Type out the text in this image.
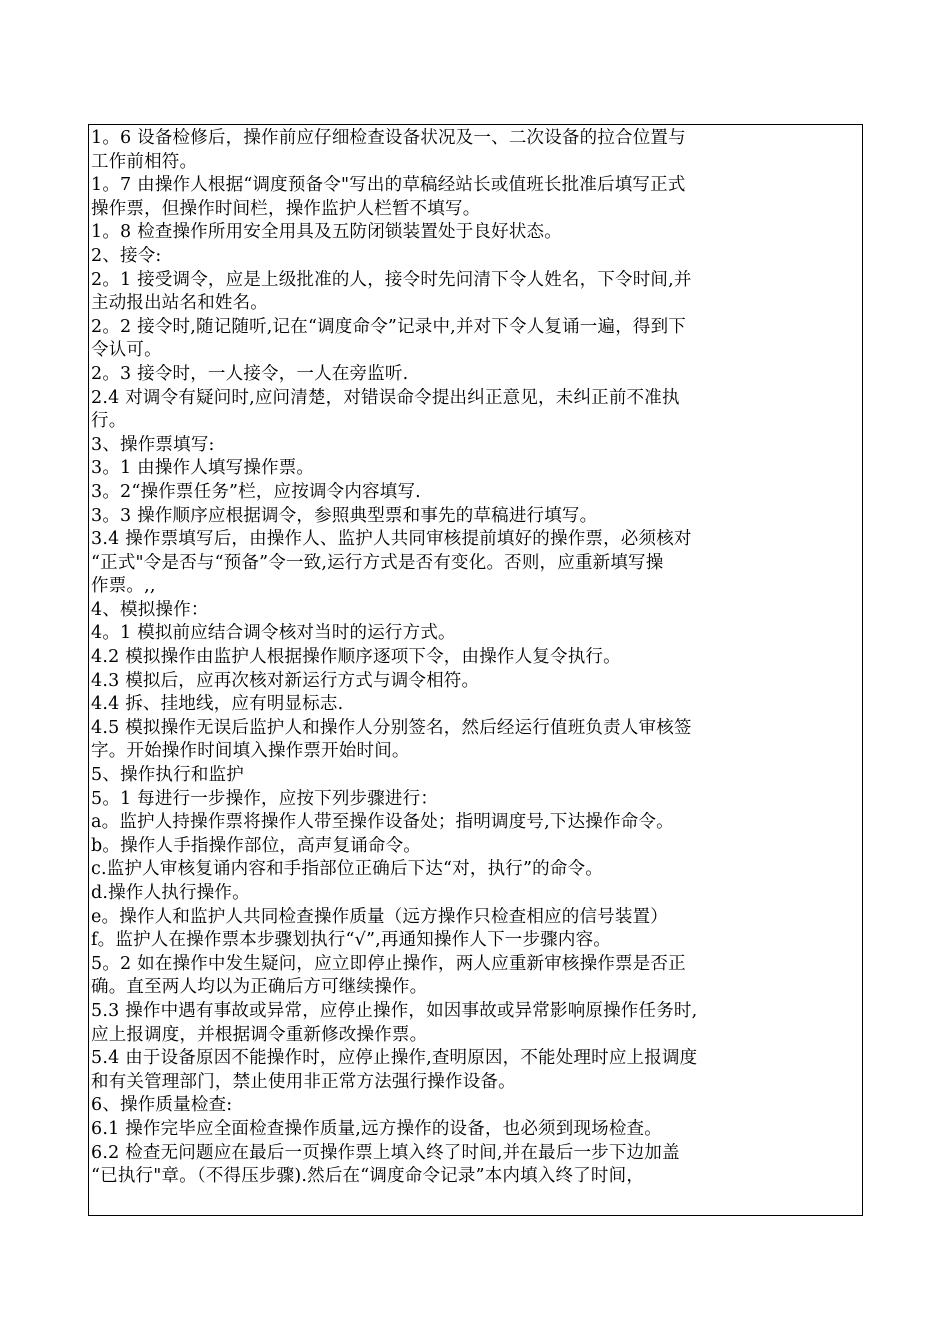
1。6 设备检修后，操作前应仔细检查设备状况及一、二次设备的拉合位置与
工作前相符。
1。7 由操作人根据“调度预备令"写出的草稿经站长或值班长批准后填写正式
操作票，但操作时间栏，操作监护人栏暂不填写。
1。8 检查操作所用安全用具及五防闭锁装置处于良好状态。
2、接令:
2。1 接受调令，应是上级批准的人，接令时先问清下令人姓名，下令时间,并
主动报出站名和姓名。
2。2 接令时,随记随听,记在“调度命令”记录中,并对下令人复诵一遍，得到下
令认可。
2。3 接令时，一人接令，一人在旁监听.
2.4 对调令有疑问时,应问清楚，对错误命令提出纠正意见，未纠正前不准执
行。
3、操作票填写:
3。1 由操作人填写操作票。
3。2“操作票任务”栏，应按调令内容填写.
3。3 操作顺序应根据调令，参照典型票和事先的草稿进行填写。
3.4 操作票填写后，由操作人、监护人共同审核提前填好的操作票，必须核对
“正式"令是否与“预备”令一致,运行方式是否有变化。否则，应重新填写操
作票。,,
4、模拟操作：
4。1 模拟前应结合调令核对当时的运行方式。
4.2 模拟操作由监护人根据操作顺序逐项下令，由操作人复令执行。
4.3 模拟后，应再次核对新运行方式与调令相符。
4.4 拆、挂地线，应有明显标志.
4.5 模拟操作无误后监护人和操作人分别签名，然后经运行值班负责人审核签
字。开始操作时间填入操作票开始时间。
5、操作执行和监护
5。1 每进行一步操作，应按下列步骤进行：
a。监护人持操作票将操作人带至操作设备处；指明调度号,下达操作命令。
b。操作人手指操作部位，高声复诵命令。
c.监护人审核复诵内容和手指部位正确后下达“对，执行”的命令。
d.操作人执行操作。
e。操作人和监护人共同检查操作质量（远方操作只检查相应的信号装置）
f。监护人在操作票本步骤划执行“√”,再通知操作人下一步骤内容。
5。2 如在操作中发生疑问，应立即停止操作，两人应重新审核操作票是否正
确。直至两人均以为正确后方可继续操作。
5.3 操作中遇有事故或异常，应停止操作，如因事故或异常影响原操作任务时,
应上报调度，并根据调令重新修改操作票。
5.4 由于设备原因不能操作时，应停止操作,查明原因，不能处理时应上报调度
和有关管理部门，禁止使用非正常方法强行操作设备。
6、操作质量检查:
6.1 操作完毕应全面检查操作质量,远方操作的设备，也必须到现场检查。
6.2 检查无问题应在最后一页操作票上填入终了时间,并在最后一步下边加盖
“已执行"章。（不得压步骤).然后在“调度命令记录”本内填入终了时间，
